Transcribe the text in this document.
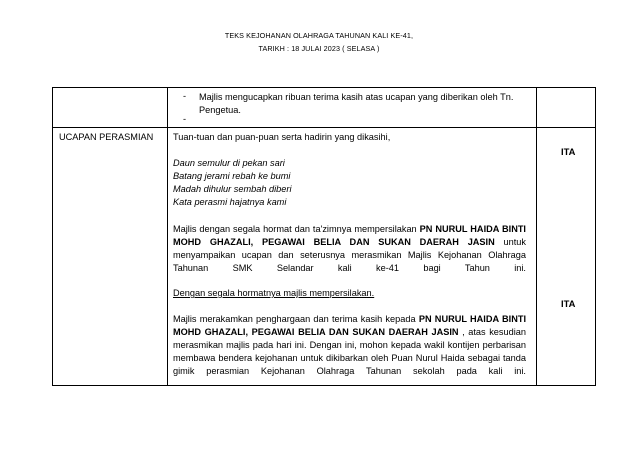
TEKS KEJOHANAN OLAHRAGA TAHUNAN KALI KE-41,
TARIKH : 18 JULAI 2023 ( SELASA )
- Majlis mengucapkan ribuan terima kasih atas ucapan yang diberikan oleh Tn.
Pengetua.
-
UCAPAN PERASMIAN Tuan-tuan dan puan-puan serta hadirin yang dikasihi,
Daun semulur di pekan sari
Batang jerami rebah ke bumi
Madah dihulur sembah diberi
Kata perasmi hajatnya kami
Majlis dengan segala hormat dan ta'zimnya mempersilakan PN NURUL HAIDA BINTI MOHD GHAZALI, PEGAWAI BELIA DAN SUKAN DAERAH JASIN untuk menyampaikan ucapan dan seterusnya merasmikan Majlis Kejohanan Olahraga Tahunan SMK Selandar kali ke-41 bagi Tahun ini.
Dengan segala hormatnya majlis mempersilakan.
Majlis merakamkan penghargaan dan terima kasih kepada PN NURUL HAIDA BINTI MOHD GHAZALI, PEGAWAI BELIA DAN SUKAN DAERAH JASIN , atas kesudian merasmikan majlis pada hari ini. Dengan ini, mohon kepada wakil kontijen perbarisan membawa bendera kejohanan untuk dikibarkan oleh Puan Nurul Haida sebagai tanda gimik perasmian Kejohanan Olahraga Tahunan sekolah pada kali ini.
ITA
ITA
